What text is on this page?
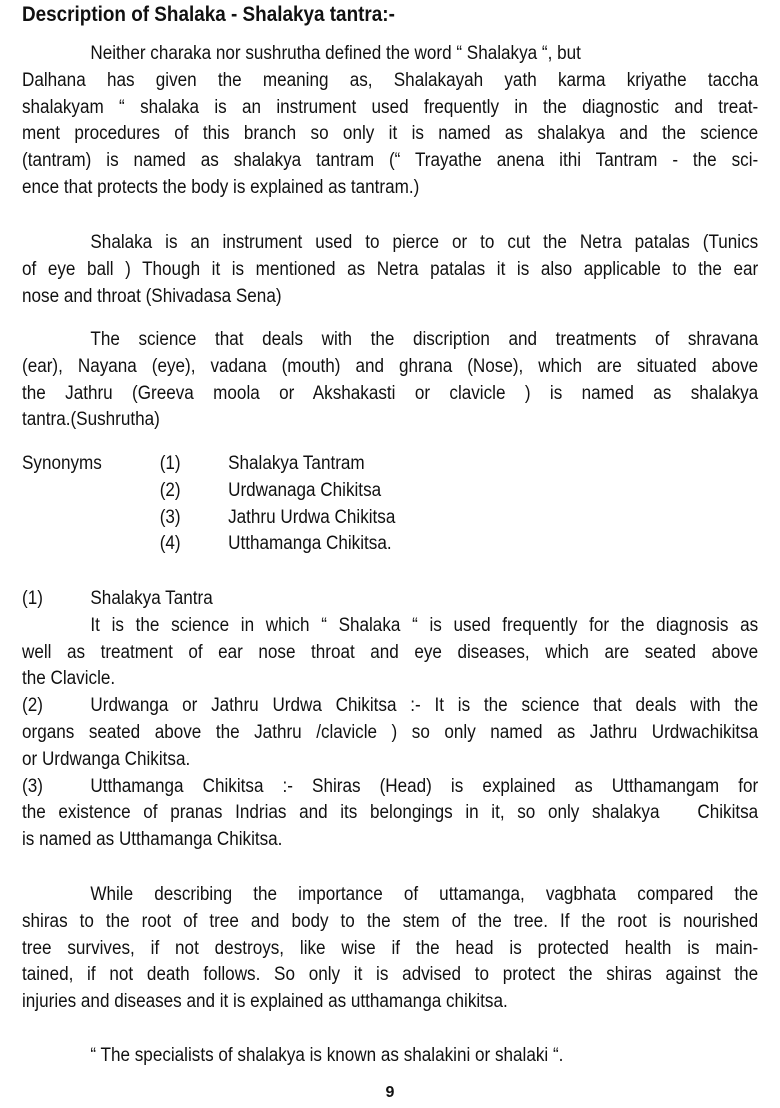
Description of Shalaka - Shalakya tantra:-
Neither charaka nor sushrutha defined the word “ Shalakya “, but
Dalhana has given the meaning as, Shalakayah yath karma kriyathe taccha
shalakyam “ shalaka is an instrument used frequently in the diagnostic and treat-
ment procedures of this branch so only it is named as shalakya and the science
(tantram) is named as shalakya tantram (“ Trayathe anena ithi Tantram - the sci-
ence that protects the body is explained as tantram.)
Shalaka is an instrument used to pierce or to cut the Netra patalas (Tunics
of eye ball ) Though it is mentioned as Netra patalas it is also applicable to the ear
nose and throat (Shivadasa Sena)
The science that deals with the discription and treatments of shravana
(ear), Nayana (eye), vadana (mouth) and ghrana (Nose), which are situated above
the Jathru (Greeva moola or Akshakasti or clavicle ) is named as shalakya
tantra.(Sushrutha)
Synonyms	(1)	Shalakya Tantram
(2)	Urdwanaga Chikitsa
(3)	Jathru Urdwa Chikitsa
(4)	Utthamanga Chikitsa.
(1)	Shalakya Tantra
It is the science in which “ Shalaka “ is used frequently for the diagnosis as
well as treatment of ear nose throat and eye diseases, which are seated above
the Clavicle.
(2)	Urdwanga or Jathru Urdwa Chikitsa :- It is the science that deals with the
organs seated above the Jathru /clavicle ) so only named as Jathru Urdwachikitsa
or Urdwanga Chikitsa.
(3)	Utthamanga Chikitsa :- Shiras (Head) is explained as Utthamangam for
the existence of pranas Indrias and its belongings in it, so only shalakya   Chikitsa
is named as Utthamanga Chikitsa.
While describing the importance of uttamanga, vagbhata compared the
shiras to the root of tree and body to the stem of the tree. If the root is nourished
tree survives, if not destroys, like wise if the head is protected health is main-
tained, if not death follows. So only it is advised to protect the shiras against the
injuries and diseases and it is explained as utthamanga chikitsa.
“ The specialists of shalakya is known as shalakini or shalaki “.
9
